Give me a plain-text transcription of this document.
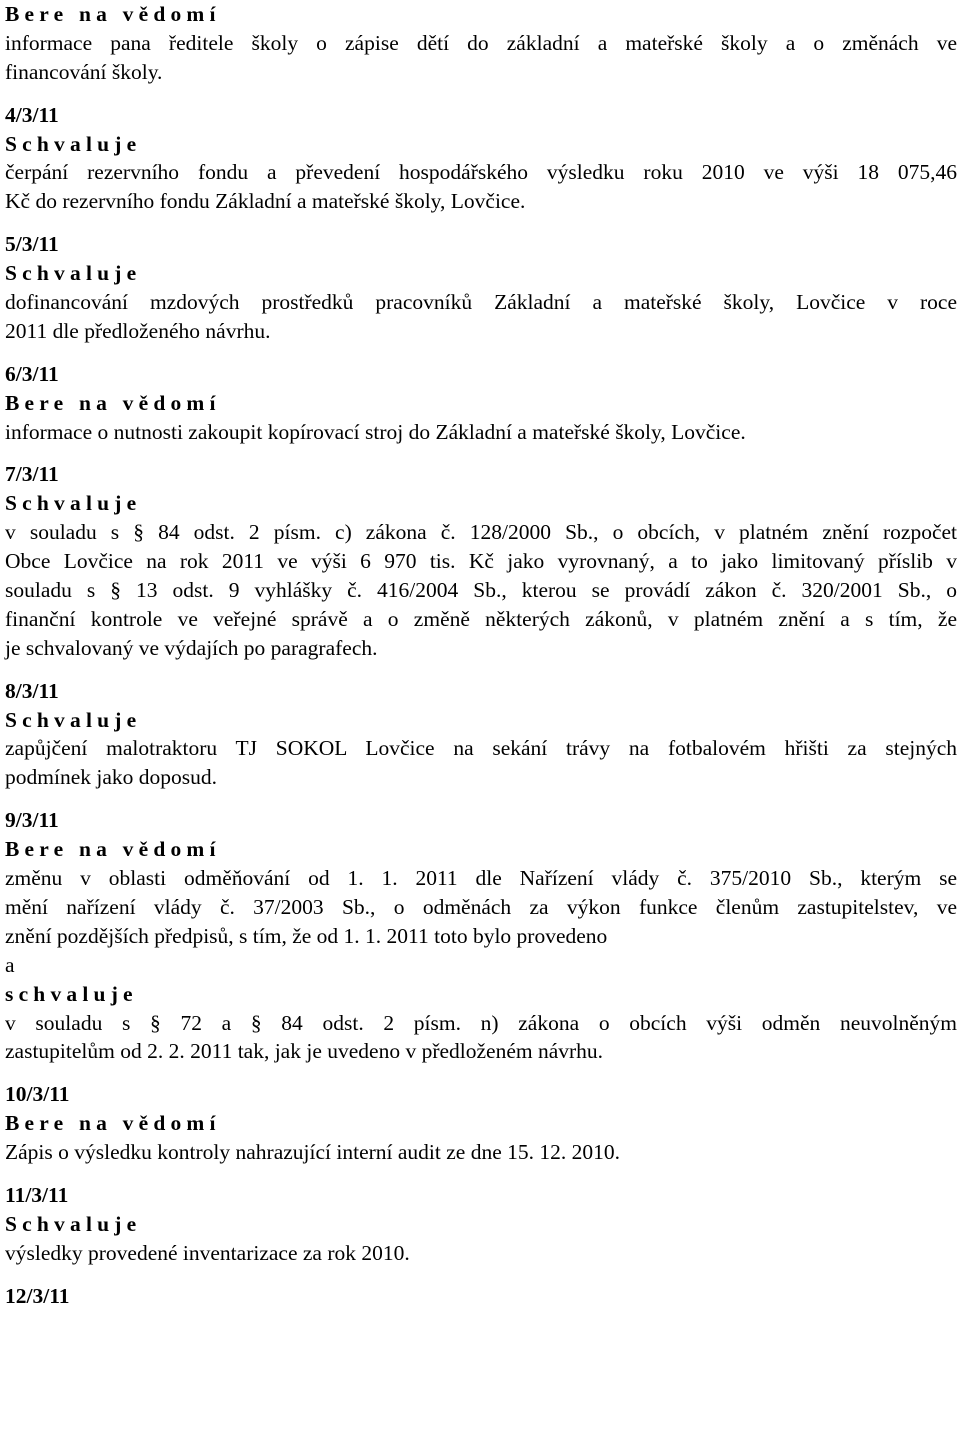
Bere na vědomí
informace pana ředitele školy o zápise dětí do základní a mateřské školy a o změnách ve
financování školy.
4/3/11
Schvaluje
čerpání rezervního fondu a převedení hospodářského výsledku roku 2010 ve výši 18 075,46
Kč do rezervního fondu Základní a mateřské školy, Lovčice.
5/3/11
Schvaluje
dofinancování mzdových prostředků pracovníků Základní a mateřské školy, Lovčice v roce
2011 dle předloženého návrhu.
6/3/11
Bere na vědomí
informace o nutnosti zakoupit kopírovací stroj do Základní a mateřské školy, Lovčice.
7/3/11
Schvaluje
v souladu s § 84 odst. 2 písm. c) zákona č. 128/2000 Sb., o obcích, v platném znění rozpočet
Obce Lovčice na rok 2011 ve výši 6 970 tis. Kč jako vyrovnaný, a to jako limitovaný příslib v
souladu s § 13 odst. 9 vyhlášky č. 416/2004 Sb., kterou se provádí zákon č. 320/2001 Sb., o
finanční kontrole ve veřejné správě a o změně některých zákonů, v platném znění a s tím, že
je schvalovaný ve výdajích po paragrafech.
8/3/11
Schvaluje
zapůjčení malotraktoru TJ SOKOL Lovčice na sekání trávy na fotbalovém hřišti za stejných
podmínek jako doposud.
9/3/11
Bere na vědomí
změnu v oblasti odměňování od 1. 1. 2011 dle Nařízení vlády č. 375/2010 Sb., kterým se
mění nařízení vlády č. 37/2003 Sb., o odměnách za výkon funkce členům zastupitelstev, ve
znění pozdějších předpisů, s tím, že od 1. 1. 2011 toto bylo provedeno
a
schvaluje
v souladu s § 72 a § 84 odst. 2 písm. n) zákona o obcích výši odměn neuvolněným
zastupitelům od 2. 2. 2011 tak, jak je uvedeno v předloženém návrhu.
10/3/11
Bere na vědomí
Zápis o výsledku kontroly nahrazující interní audit ze dne 15. 12. 2010.
11/3/11
Schvaluje
výsledky provedené inventarizace za rok 2010.
12/3/11
